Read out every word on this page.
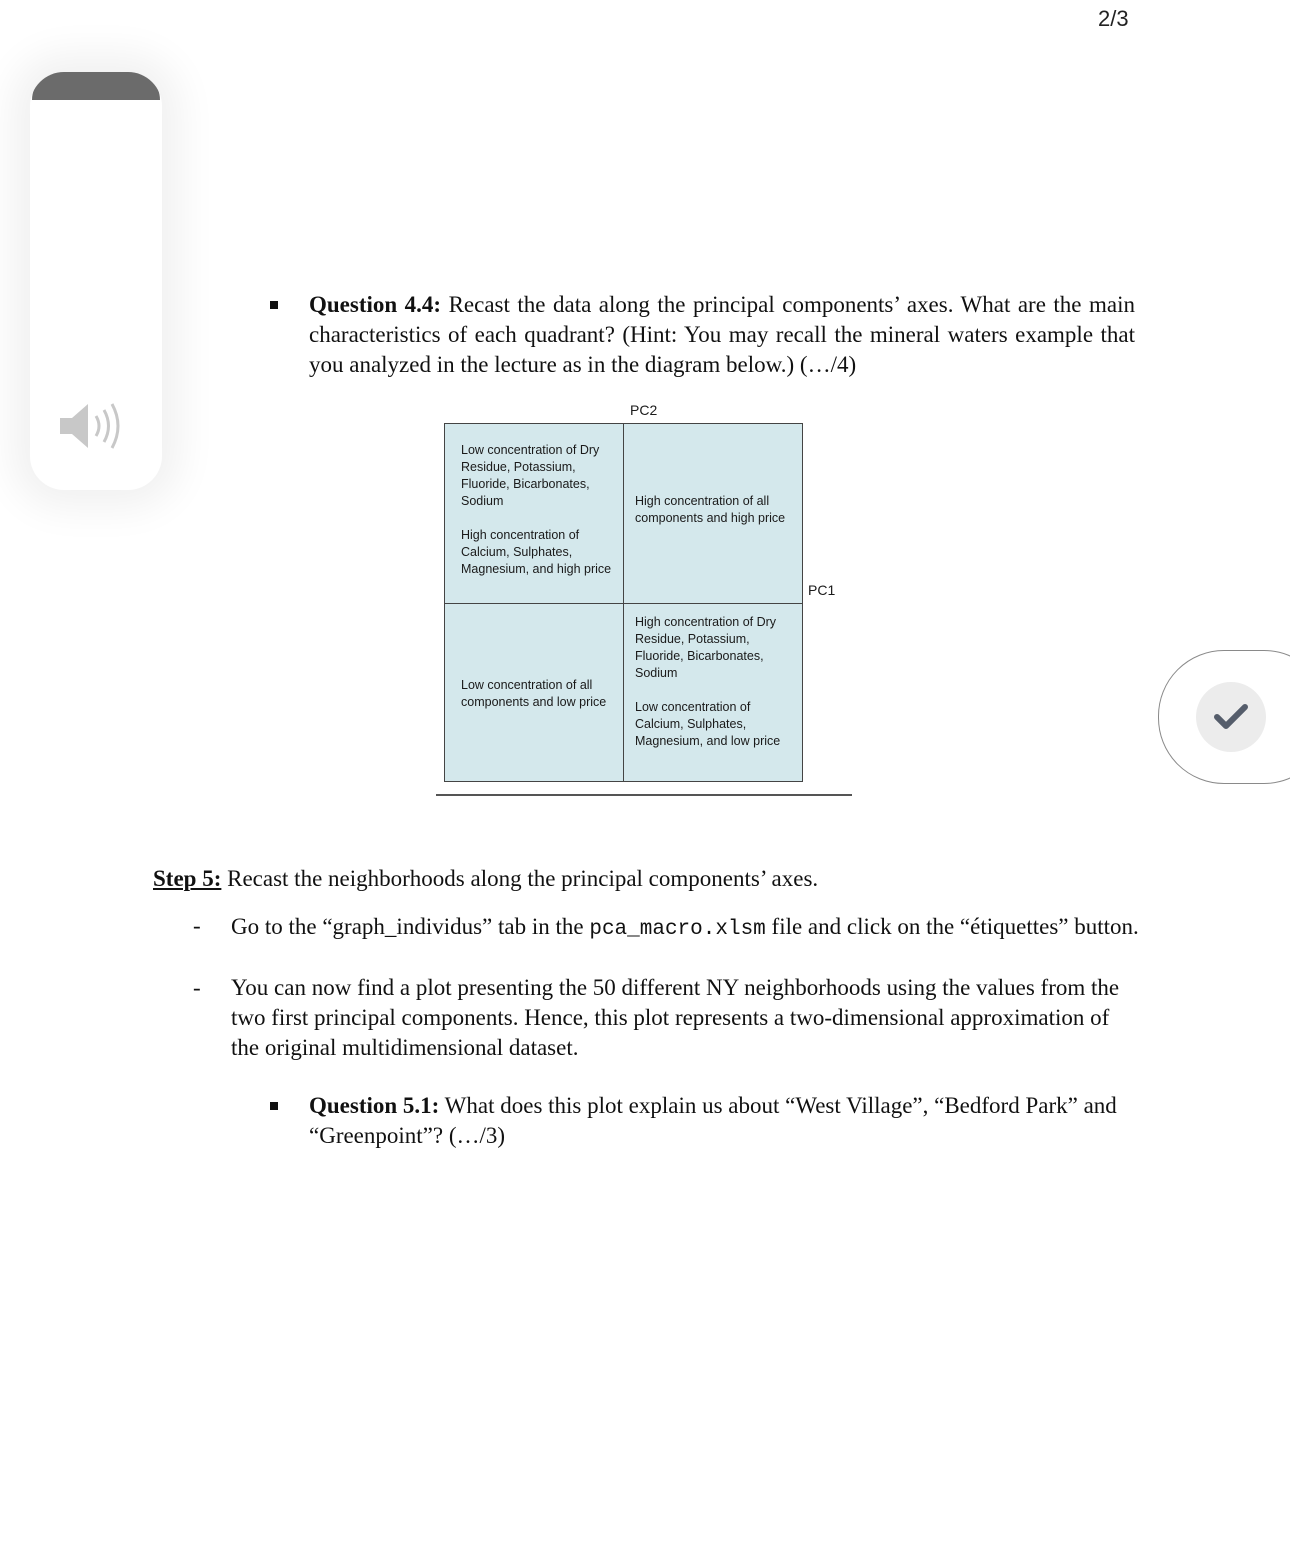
2/3
Question 4.4: Recast the data along the principal components’ axes. What are the main characteristics of each quadrant? (Hint: You may recall the mineral waters example that you analyzed in the lecture as in the diagram below.) (…/4)
PC2
PC1
Low concentration of Dry Residue, Potassium, Fluoride, Bicarbonates, Sodium
High concentration of Calcium, Sulphates, Magnesium, and high price
High concentration of all components and high price
Low concentration of all components and low price
High concentration of Dry Residue, Potassium, Fluoride, Bicarbonates, Sodium
Low concentration of Calcium, Sulphates, Magnesium, and low price
Step 5: Recast the neighborhoods along the principal components’ axes.
- Go to the “graph_individus” tab in the pca_macro.xlsm file and click on the “étiquettes” button.
- You can now find a plot presenting the 50 different NY neighborhoods using the values from the two first principal components. Hence, this plot represents a two-dimensional approximation of the original multidimensional dataset.
Question 5.1: What does this plot explain us about “West Village”, “Bedford Park” and “Greenpoint”? (…/3)
